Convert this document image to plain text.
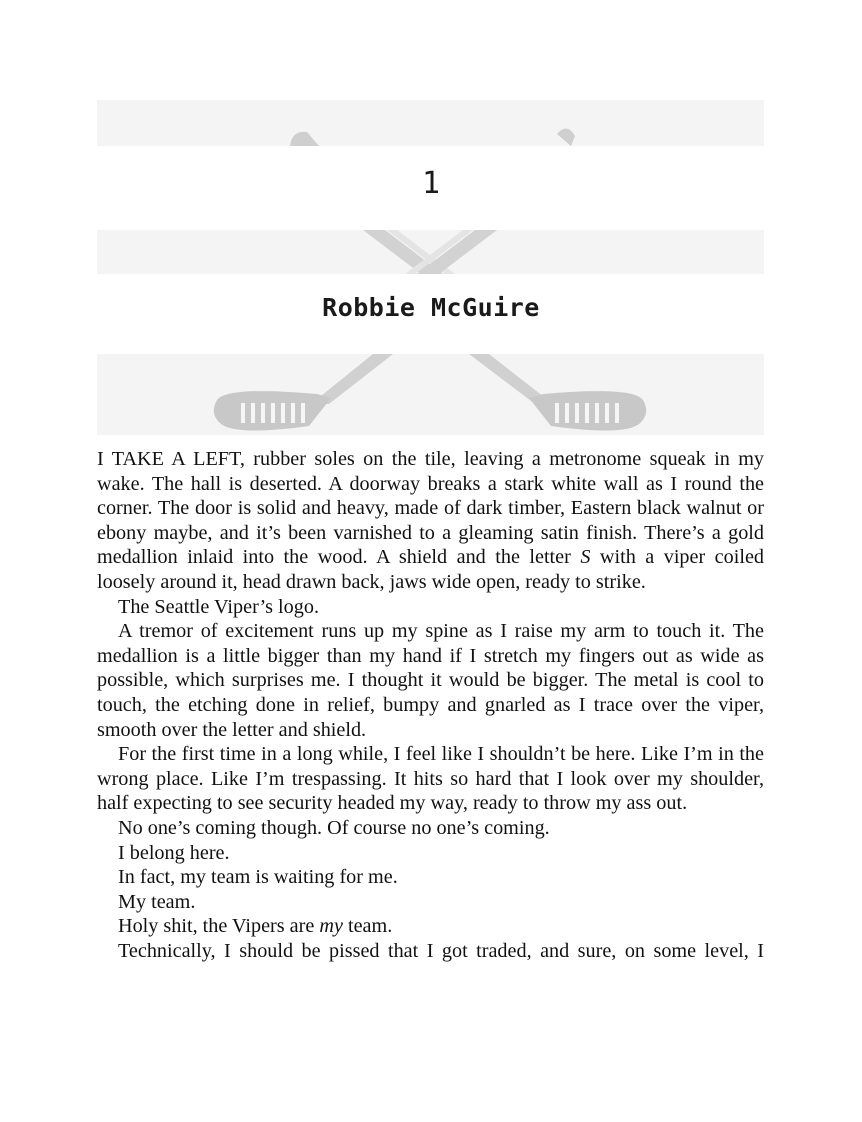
1
Robbie McGuire

I TAKE A LEFT, rubber soles on the tile, leaving a metronome squeak in my wake. The hall is deserted. A doorway breaks a stark white wall as I round the corner. The door is solid and heavy, made of dark timber, Eastern black walnut or ebony maybe, and it’s been varnished to a gleaming satin finish. There’s a gold medallion inlaid into the wood. A shield and the letter S with a viper coiled loosely around it, head drawn back, jaws wide open, ready to strike.

The Seattle Viper’s logo.

A tremor of excitement runs up my spine as I raise my arm to touch it. The medallion is a little bigger than my hand if I stretch my fingers out as wide as possible, which surprises me. I thought it would be bigger. The metal is cool to touch, the etching done in relief, bumpy and gnarled as I trace over the viper, smooth over the letter and shield.

For the first time in a long while, I feel like I shouldn’t be here. Like I’m in the wrong place. Like I’m trespassing. It hits so hard that I look over my shoulder, half expecting to see security headed my way, ready to throw my ass out.

No one’s coming though. Of course no one’s coming.

I belong here.

In fact, my team is waiting for me.

My team.

Holy shit, the Vipers are my team.

Technically, I should be pissed that I got traded, and sure, on some level, I
